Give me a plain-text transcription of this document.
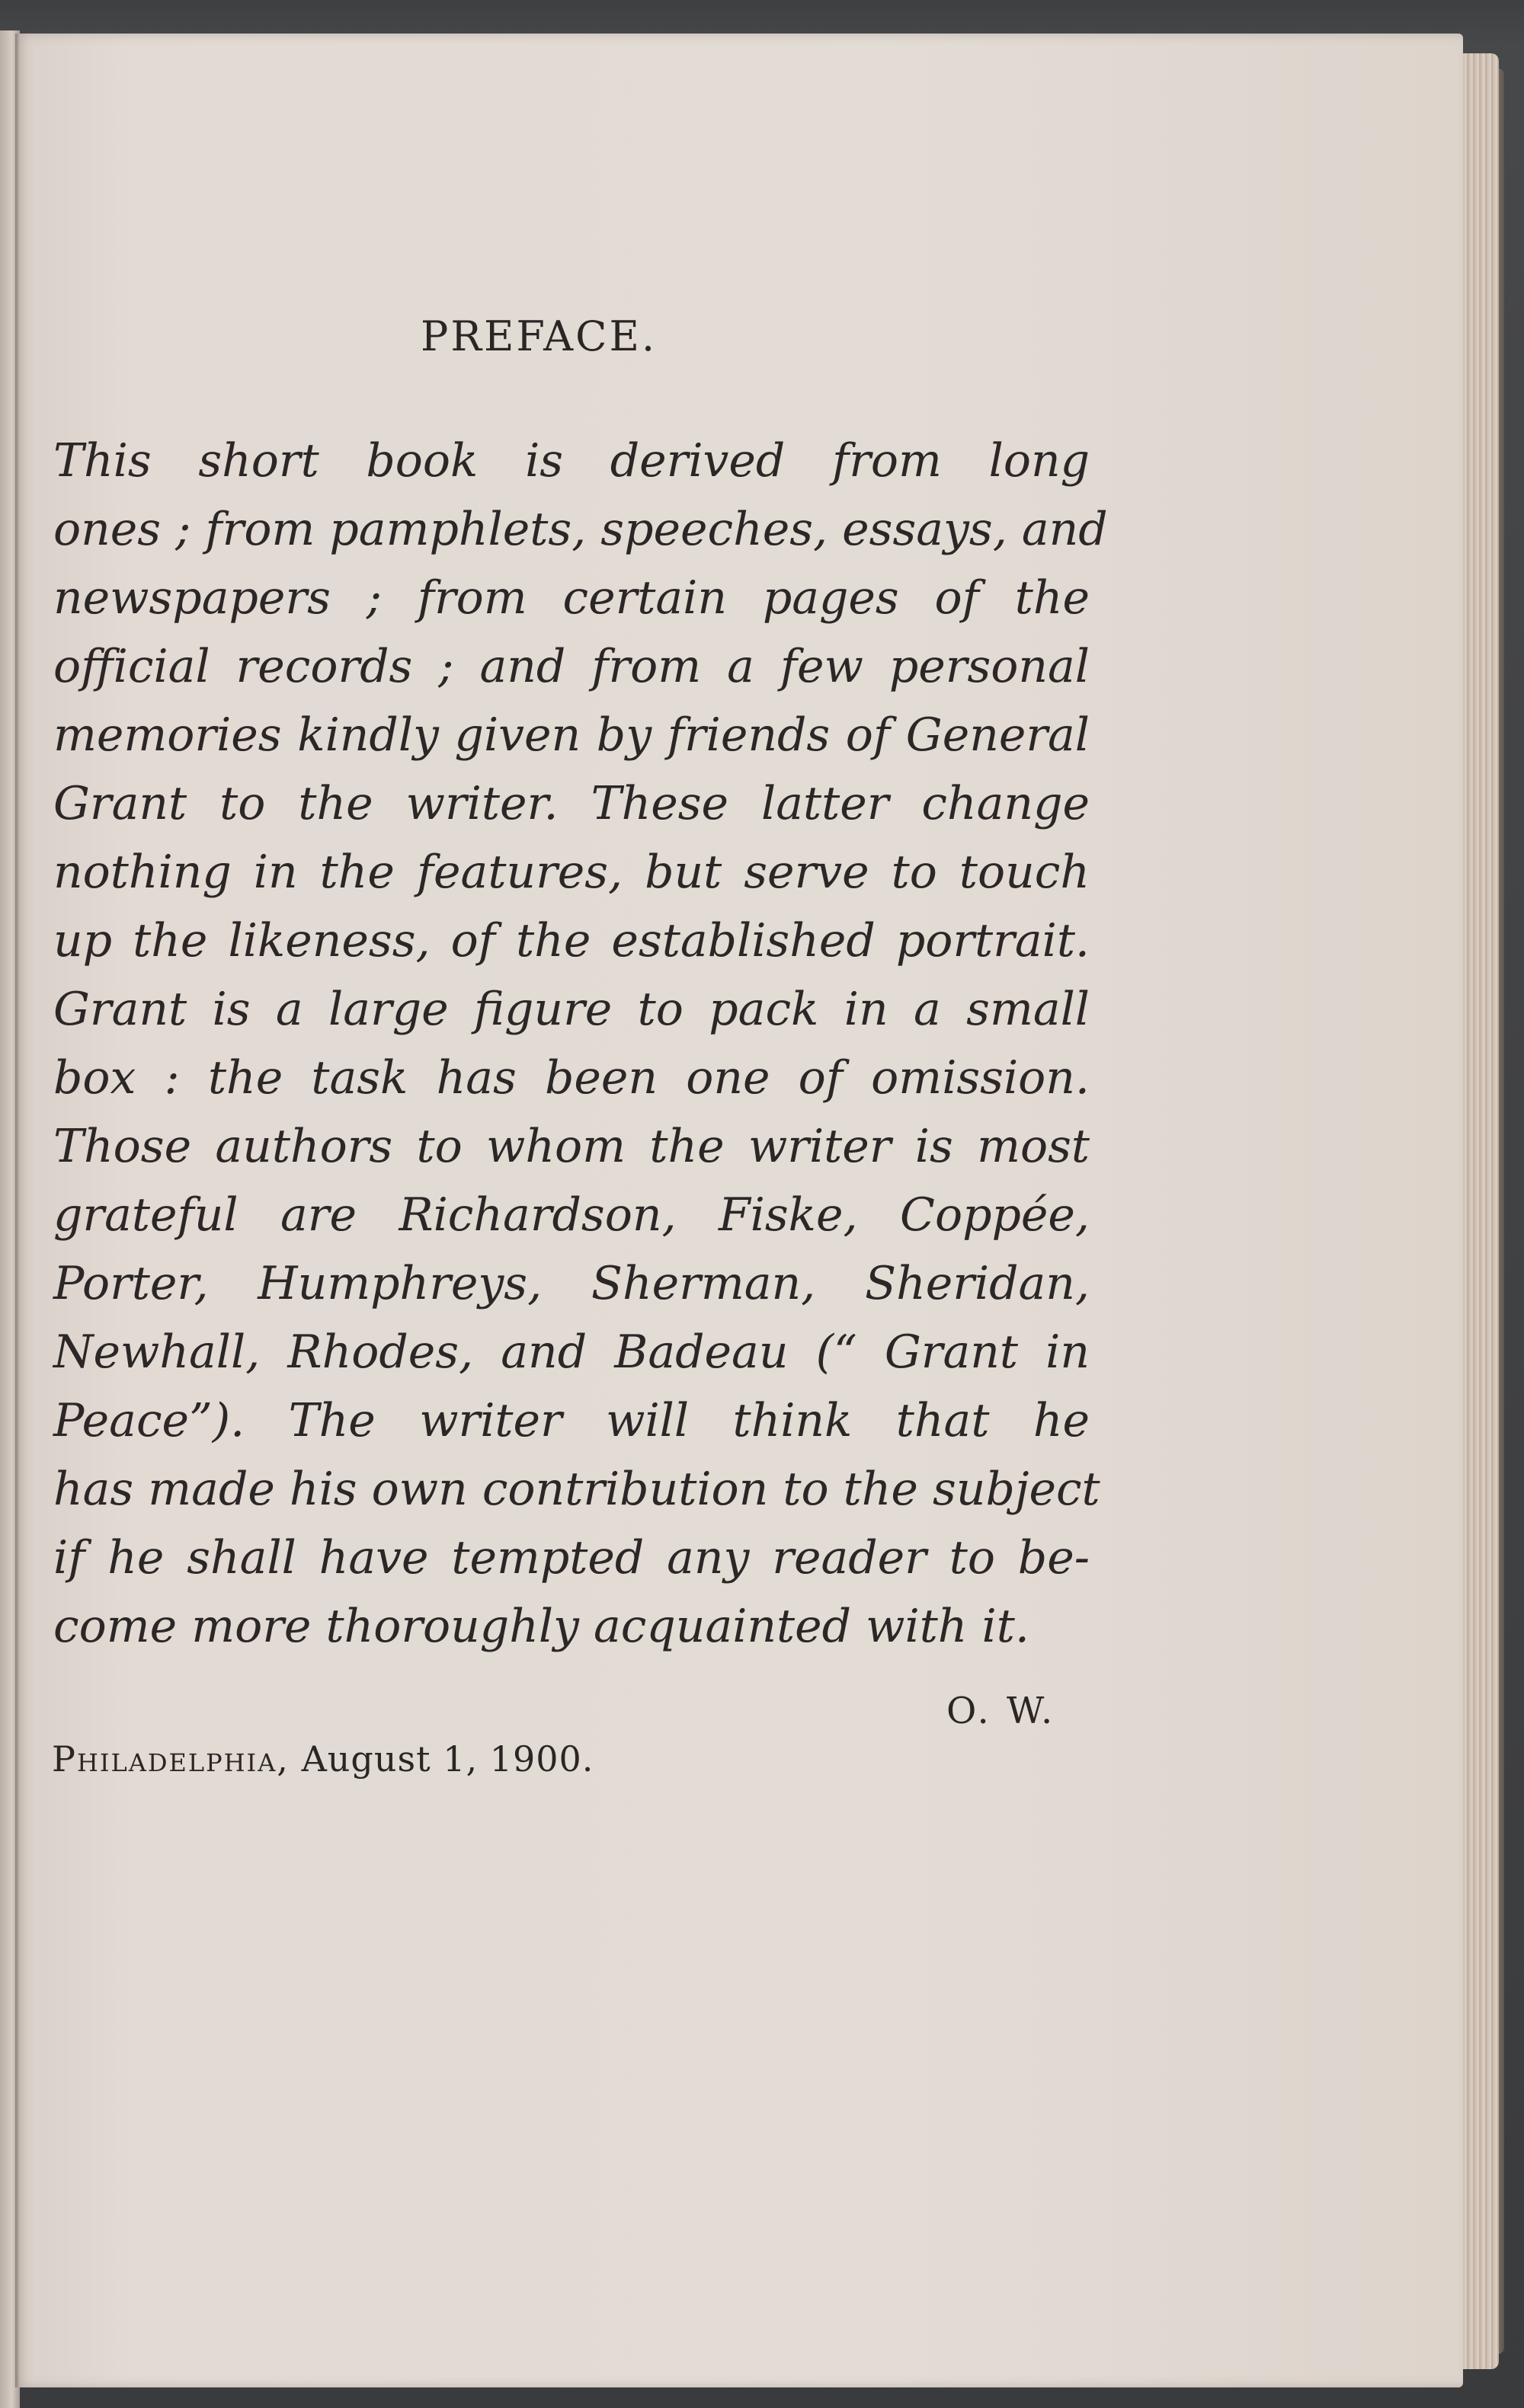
PREFACE.
This short book is derived from long
ones ; from pamphlets, speeches, essays, and
newspapers ; from certain pages of the
official records ; and from a few personal
memories kindly given by friends of General
Grant to the writer. These latter change
nothing in the features, but serve to touch
up the likeness, of the established portrait.
Grant is a large figure to pack in a small
box : the task has been one of omission.
Those authors to whom the writer is most
grateful are Richardson, Fiske, Coppée,
Porter, Humphreys, Sherman, Sheridan,
Newhall, Rhodes, and Badeau (“ Grant in
Peace”). The writer will think that he
has made his own contribution to the subject
if he shall have tempted any reader to be-
come more thoroughly acquainted with it.
O. W.
Philadelphia, August 1, 1900.
